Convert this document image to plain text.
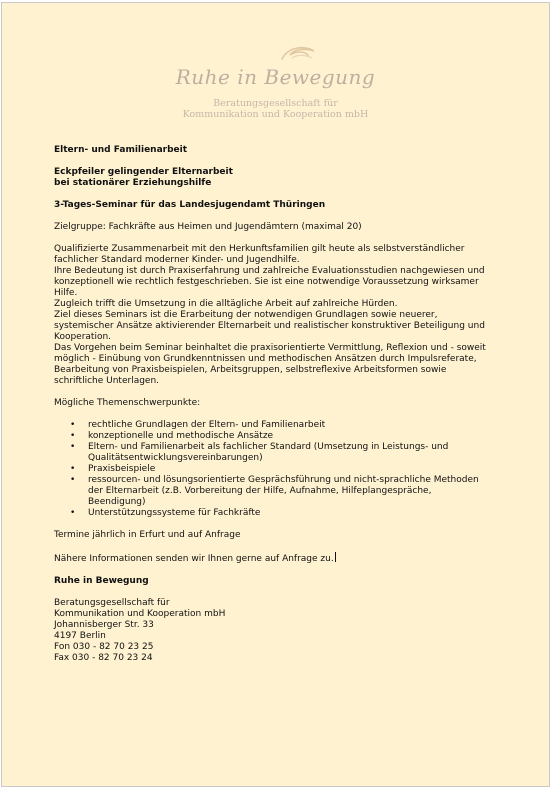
Ruhe in Bewegung
Beratungsgesellschaft für
Kommunikation und Kooperation mbH

Eltern- und Familienarbeit

Eckpfeiler gelingender Elternarbeit

bei stationärer Erziehungshilfe

3-Tages-Seminar für das Landesjugendamt Thüringen

Zielgruppe: Fachkräfte aus Heimen und Jugendämtern (maximal 20)

Qualifizierte Zusammenarbeit mit den Herkunftsfamilien gilt heute als selbstverständlicher

fachlicher Standard moderner Kinder- und Jugendhilfe.

Ihre Bedeutung ist durch Praxiserfahrung und zahlreiche Evaluationsstudien nachgewiesen und

konzeptionell wie rechtlich festgeschrieben. Sie ist eine notwendige Voraussetzung wirksamer

Hilfe.

Zugleich trifft die Umsetzung in die alltägliche Arbeit auf zahlreiche Hürden.

Ziel dieses Seminars ist die Erarbeitung der notwendigen Grundlagen sowie neuerer,

systemischer Ansätze aktivierender Elternarbeit und realistischer konstruktiver Beteiligung und

Kooperation.

Das Vorgehen beim Seminar beinhaltet die praxisorientierte Vermittlung, Reflexion und - soweit

möglich - Einübung von Grundkenntnissen und methodischen Ansätzen durch Impulsreferate,

Bearbeitung von Praxisbeispielen, Arbeitsgruppen, selbstreflexive Arbeitsformen sowie

schriftliche Unterlagen.

Mögliche Themenschwerpunkte:

• rechtliche Grundlagen der Eltern- und Familienarbeit
• konzeptionelle und methodische Ansätze
• Eltern- und Familienarbeit als fachlicher Standard (Umsetzung in Leistungs- und
Qualitätsentwicklungsvereinbarungen)
• Praxisbeispiele
• ressourcen- und lösungsorientierte Gesprächsführung und nicht-sprachliche Methoden
der Elternarbeit (z.B. Vorbereitung der Hilfe, Aufnahme, Hilfeplangespräche,
Beendigung)
• Unterstützungssysteme für Fachkräfte

Termine jährlich in Erfurt und auf Anfrage

Nähere Informationen senden wir Ihnen gerne auf Anfrage zu.

Ruhe in Bewegung

Beratungsgesellschaft für

Kommunikation und Kooperation mbH

Johannisberger Str. 33

4197 Berlin

Fon 030 - 82 70 23 25

Fax 030 - 82 70 23 24
